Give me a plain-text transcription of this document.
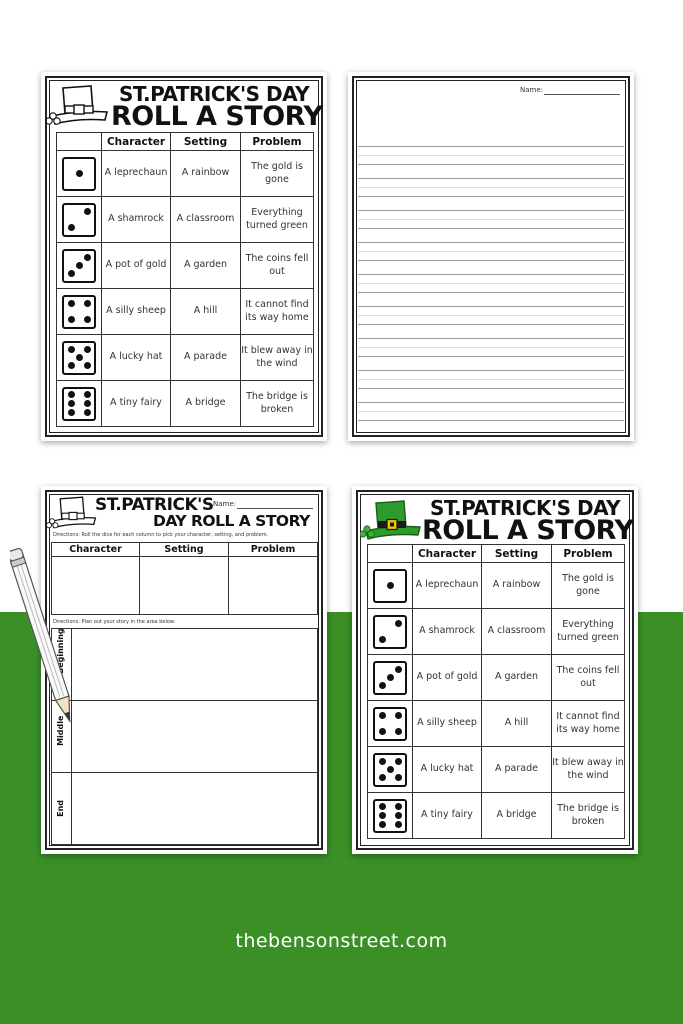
ST.PATRICK'S DAY
ROLL A STORY
	Character	Setting	Problem

	A leprechaun	A rainbow	The gold is gone

	A shamrock	A classroom	Everything turned green

	A pot of gold	A garden	The coins fell out

	A silly sheep	A hill	It cannot find its way home

	A lucky hat	A parade	It blew away in the wind

	A tiny fairy	A bridge	The bridge is broken
Name:
ST.PATRICK'S Name:
DAY ROLL A STORY
Directions: Roll the dice for each column to pick your character, setting, and problem.
Character	Setting	Problem

Directions: Plan out your story in the area below.
Beginning	

Middle	

End	

ST.PATRICK'S DAY
ROLL A STORY
	Character	Setting	Problem

	A leprechaun	A rainbow	The gold is gone

	A shamrock	A classroom	Everything turned green

	A pot of gold	A garden	The coins fell out

	A silly sheep	A hill	It cannot find its way home

	A lucky hat	A parade	It blew away in the wind

	A tiny fairy	A bridge	The bridge is broken
thebensonstreet.com
